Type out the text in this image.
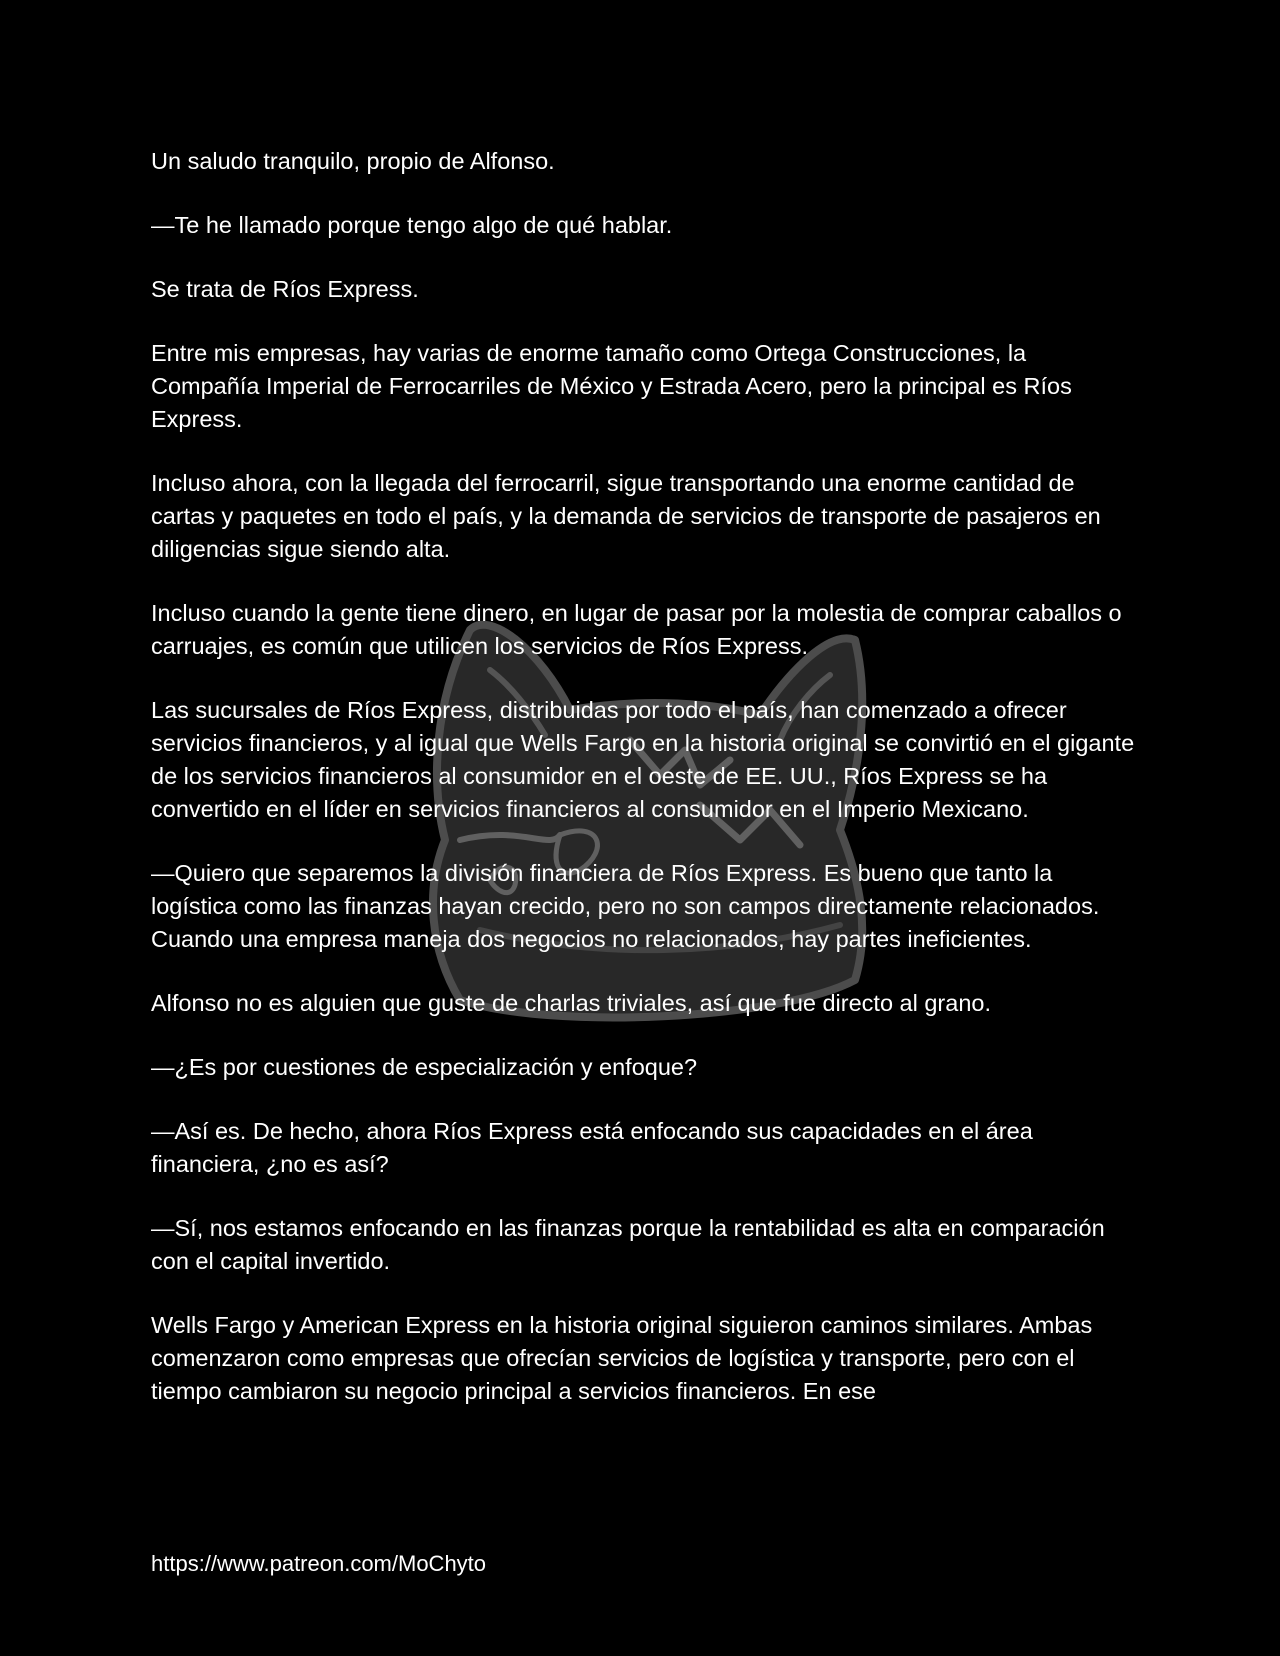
Un saludo tranquilo, propio de Alfonso.

—Te he llamado porque tengo algo de qué hablar.

Se trata de Ríos Express.

Entre mis empresas, hay varias de enorme tamaño como Ortega Construcciones, la Compañía Imperial de Ferrocarriles de México y Estrada Acero, pero la principal es Ríos Express.

Incluso ahora, con la llegada del ferrocarril, sigue transportando una enorme cantidad de cartas y paquetes en todo el país, y la demanda de servicios de transporte de pasajeros en diligencias sigue siendo alta.

Incluso cuando la gente tiene dinero, en lugar de pasar por la molestia de comprar caballos o carruajes, es común que utilicen los servicios de Ríos Express.

Las sucursales de Ríos Express, distribuidas por todo el país, han comenzado a ofrecer servicios financieros, y al igual que Wells Fargo en la historia original se convirtió en el gigante de los servicios financieros al consumidor en el oeste de EE. UU., Ríos Express se ha convertido en el líder en servicios financieros al consumidor en el Imperio Mexicano.

—Quiero que separemos la división financiera de Ríos Express. Es bueno que tanto la logística como las finanzas hayan crecido, pero no son campos directamente relacionados. Cuando una empresa maneja dos negocios no relacionados, hay partes ineficientes.

Alfonso no es alguien que guste de charlas triviales, así que fue directo al grano.

—¿Es por cuestiones de especialización y enfoque?

—Así es. De hecho, ahora Ríos Express está enfocando sus capacidades en el área financiera, ¿no es así?

—Sí, nos estamos enfocando en las finanzas porque la rentabilidad es alta en comparación con el capital invertido.

Wells Fargo y American Express en la historia original siguieron caminos similares. Ambas comenzaron como empresas que ofrecían servicios de logística y transporte, pero con el tiempo cambiaron su negocio principal a servicios financieros. En ese

https://www.patreon.com/MoChyto
